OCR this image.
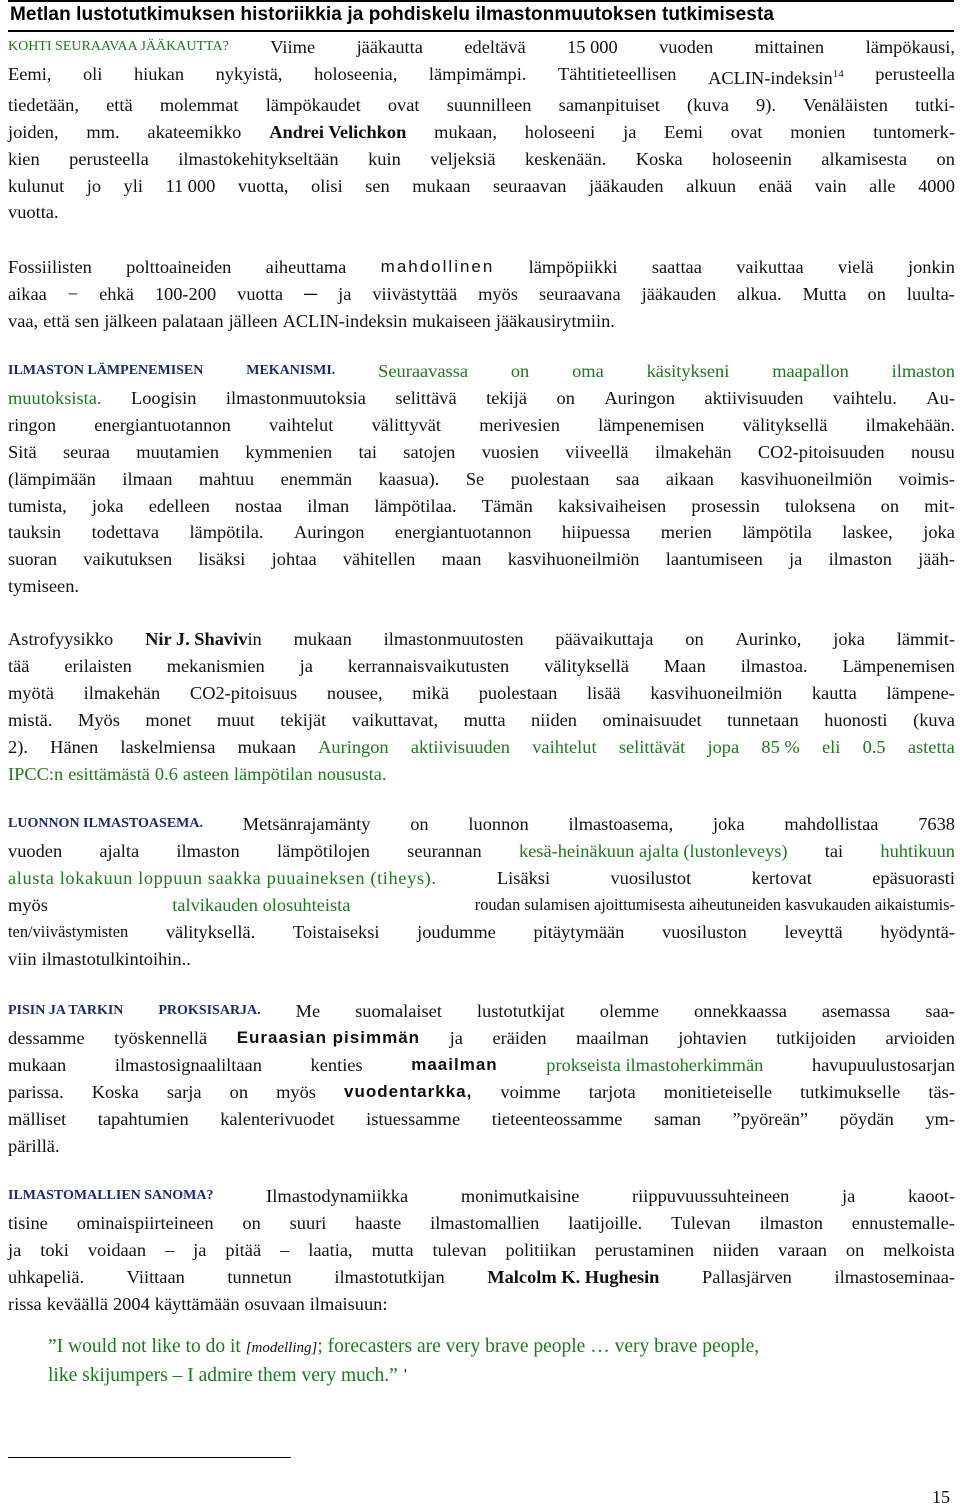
Metlan lustotutkimuksen historiikkia ja pohdiskelu ilmastonmuutoksen tutkimisesta
KOHTI SEURAAVAA JÄÄKAUTTA? Viime jääkautta edeltävä 15 000 vuoden mittainen lämpökausi,
Eemi, oli hiukan nykyistä, holoseenia, lämpimämpi. Tähtitieteellisen ACLIN-indeksin$^{14}$ perusteella
tiedetään, että molemmat lämpökaudet ovat suunnilleen samanpituiset (kuva 9). Venäläisten tutki-
joiden, mm. akateemikko Andrei Velichkon mukaan, holoseeni ja Eemi ovat monien tuntomerk-
kien perusteella ilmastokehitykseltään kuin veljeksiä keskenään. Koska holoseenin alkamisesta on
kulunut jo yli 11 000 vuotta, olisi sen mukaan seuraavan jääkauden alkuun enää vain alle 4000
vuotta.
Fossiilisten polttoaineiden aiheuttama mahdollinen lämpöpiikki saattaa vaikuttaa vielä jonkin
aikaa − ehkä 100-200 vuotta ─ ja viivästyttää myös seuraavana jääkauden alkua. Mutta on luulta-
vaa, että sen jälkeen palataan jälleen ACLIN-indeksin mukaiseen jääkausirytmiin.
ILMASTON LÄMPENEMISEN	MEKANISMI. Seuraavassa on oma käsitykseni maapallon ilmaston
muutoksista. Loogisin ilmastonmuutoksia selittävä tekijä on Auringon aktiivisuuden vaihtelu. Au-
ringon energiantuotannon vaihtelut välittyvät merivesien lämpenemisen välityksellä ilmakehään.
Sitä seuraa muutamien kymmenien tai satojen vuosien viiveellä ilmakehän CO2-pitoisuuden nousu
(lämpimään ilmaan mahtuu enemmän kaasua). Se puolestaan saa aikaan kasvihuoneilmiön voimis-
tumista, joka edelleen nostaa ilman lämpötilaa. Tämän kaksivaiheisen prosessin tuloksena on mit-
tauksin todettava lämpötila. Auringon energiantuotannon hiipuessa merien lämpötila laskee, joka
suoran vaikutuksen lisäksi johtaa vähitellen maan kasvihuoneilmiön laantumiseen ja ilmaston jääh-
tymiseen.
Astrofyysikko Nir J. Shavivin mukaan ilmastonmuutosten päävaikuttaja on Aurinko, joka lämmit-
tää erilaisten mekanismien ja kerrannaisvaikutusten välityksellä Maan ilmastoa. Lämpenemisen
myötä ilmakehän CO2-pitoisuus nousee, mikä puolestaan lisää kasvihuoneilmiön kautta lämpene-
mistä. Myös monet muut tekijät vaikuttavat, mutta niiden ominaisuudet tunnetaan huonosti (kuva
2). Hänen laskelmiensa mukaan Auringon aktiivisuuden vaihtelut selittävät jopa 85 % eli 0.5 astetta
IPCC:n esittämästä 0.6 asteen lämpötilan noususta.
LUONNON ILMASTOASEMA. Metsänrajamänty on luonnon ilmastoasema, joka mahdollistaa 7638
vuoden ajalta ilmaston lämpötilojen seurannan kesä-heinäkuun ajalta (lustonleveys) tai huhtikuun
alusta lokakuun loppuun saakka puuaineksen (tiheys).	Lisäksi	vuosilustot	kertovat	epäsuorasti
myös	talvikauden olosuhteista	roudan sulamisen ajoittumisesta aiheutuneiden kasvukauden aikaistumis-
ten/viivästymisten välityksellä. Toistaiseksi joudumme pitäytymään vuosiluston leveyttä hyödyntä-
viin ilmastotulkintoihin..
PISIN JA TARKIN PROKSISARJA. Me suomalaiset lustotutkijat olemme onnekkaassa asemassa saa-
dessamme työskennellä Euraasian pisimmän ja eräiden maailman johtavien tutkijoiden arvioiden
mukaan	ilmastosignaaliltaan	kenties	maailman	prokseista ilmastoherkimmän	havupuulustosarjan
parissa. Koska sarja on myös vuodentarkka, voimme tarjota monitieteiselle tutkimukselle täs-
mälliset tapahtumien kalenterivuodet istuessamme tieteenteossamme saman ”pyöreän” pöydän ym-
pärillä.
ILMASTOMALLIEN SANOMA?	Ilmastodynamiikka	monimutkaisine	riippuvuussuhteineen	ja	kaoot-
tisine ominaispiirteineen on suuri haaste ilmastomallien laatijoille. Tulevan ilmaston ennustemalle-
ja toki voidaan – ja pitää – laatia, mutta tulevan politiikan perustaminen niiden varaan on melkoista
uhkapeliä. Viittaan tunnetun ilmastotutkijan Malcolm K. Hughesin Pallasjärven ilmastoseminaa-
rissa keväällä 2004 käyttämään osuvaan ilmaisuun:
”I would not like to do it [modelling]; forecasters are very brave people … very brave people,
like skijumpers – I admire them very much.” '
15
